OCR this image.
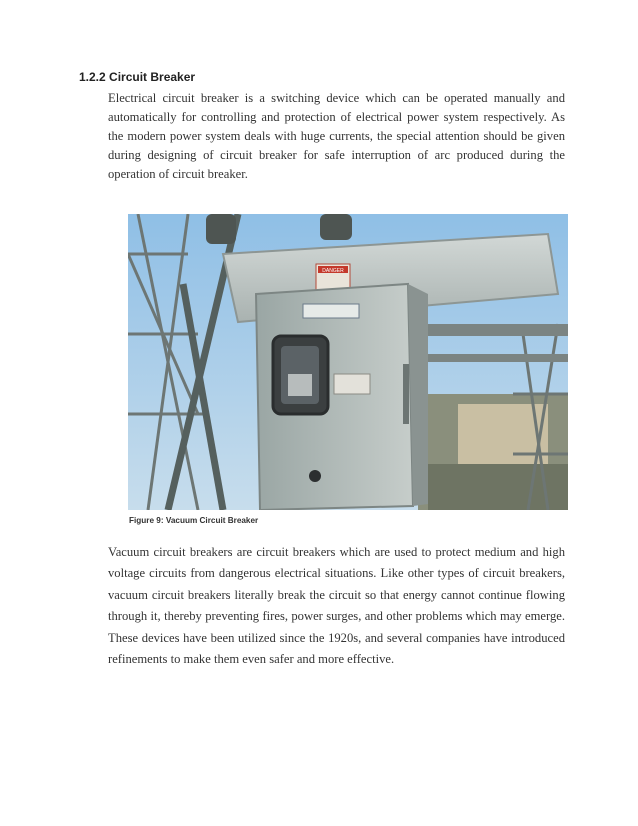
1.2.2 Circuit Breaker
Electrical circuit breaker is a switching device which can be operated manually and automatically for controlling and protection of electrical power system respectively. As the modern power system deals with huge currents, the special attention should be given during designing of circuit breaker for safe interruption of arc produced during the operation of circuit breaker.
DANGER
Figure 9: Vacuum Circuit Breaker
Vacuum circuit breakers are circuit breakers which are used to protect medium and high voltage circuits from dangerous electrical situations. Like other types of circuit breakers, vacuum circuit breakers literally break the circuit so that energy cannot continue flowing through it, thereby preventing fires, power surges, and other problems which may emerge. These devices have been utilized since the 1920s, and several companies have introduced refinements to make them even safer and more effective.
